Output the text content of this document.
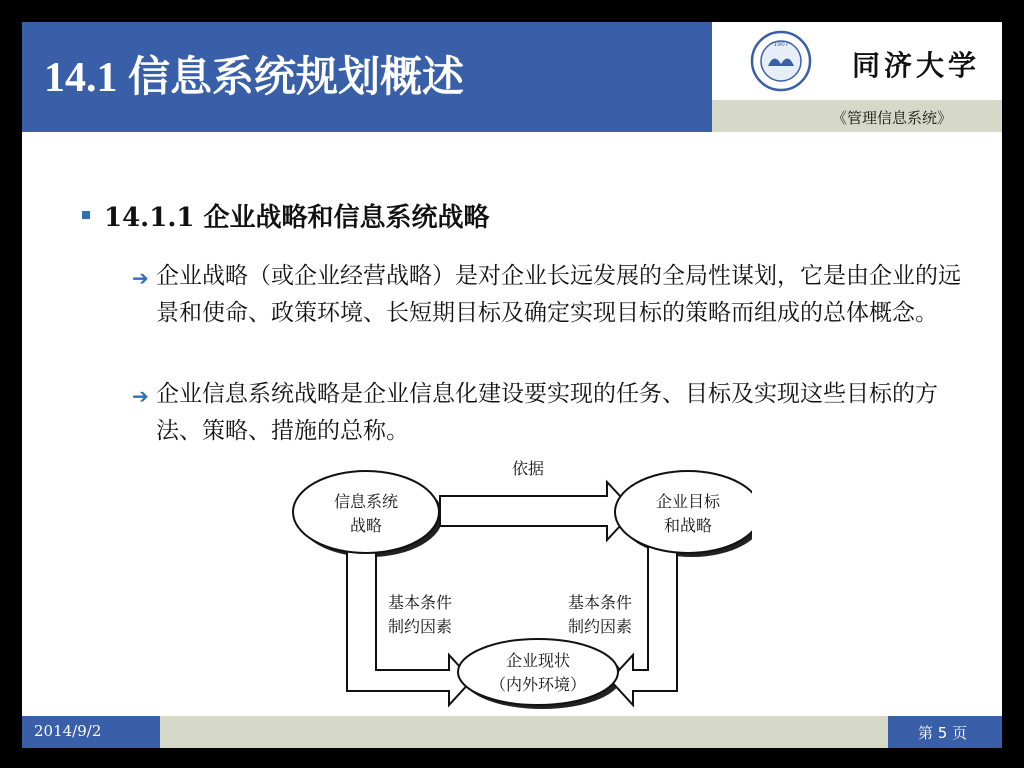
14.1 信息系统规划概述
1907
同济大学
《管理信息系统》
14.1.1 企业战略和信息系统战略
➔ 企业战略（或企业经营战略）是对企业长远发展的全局性谋划，它是由企业的远景和使命、政策环境、长短期目标及确定实现目标的策略而组成的总体概念。
➔ 企业信息系统战略是企业信息化建设要实现的任务、目标及实现这些目标的方法、策略、措施的总称。
信息系统
战略
企业目标
和战略
企业现状
（内外环境）
依据
基本条件
制约因素
基本条件
制约因素
2014/9/2	第 5 页
